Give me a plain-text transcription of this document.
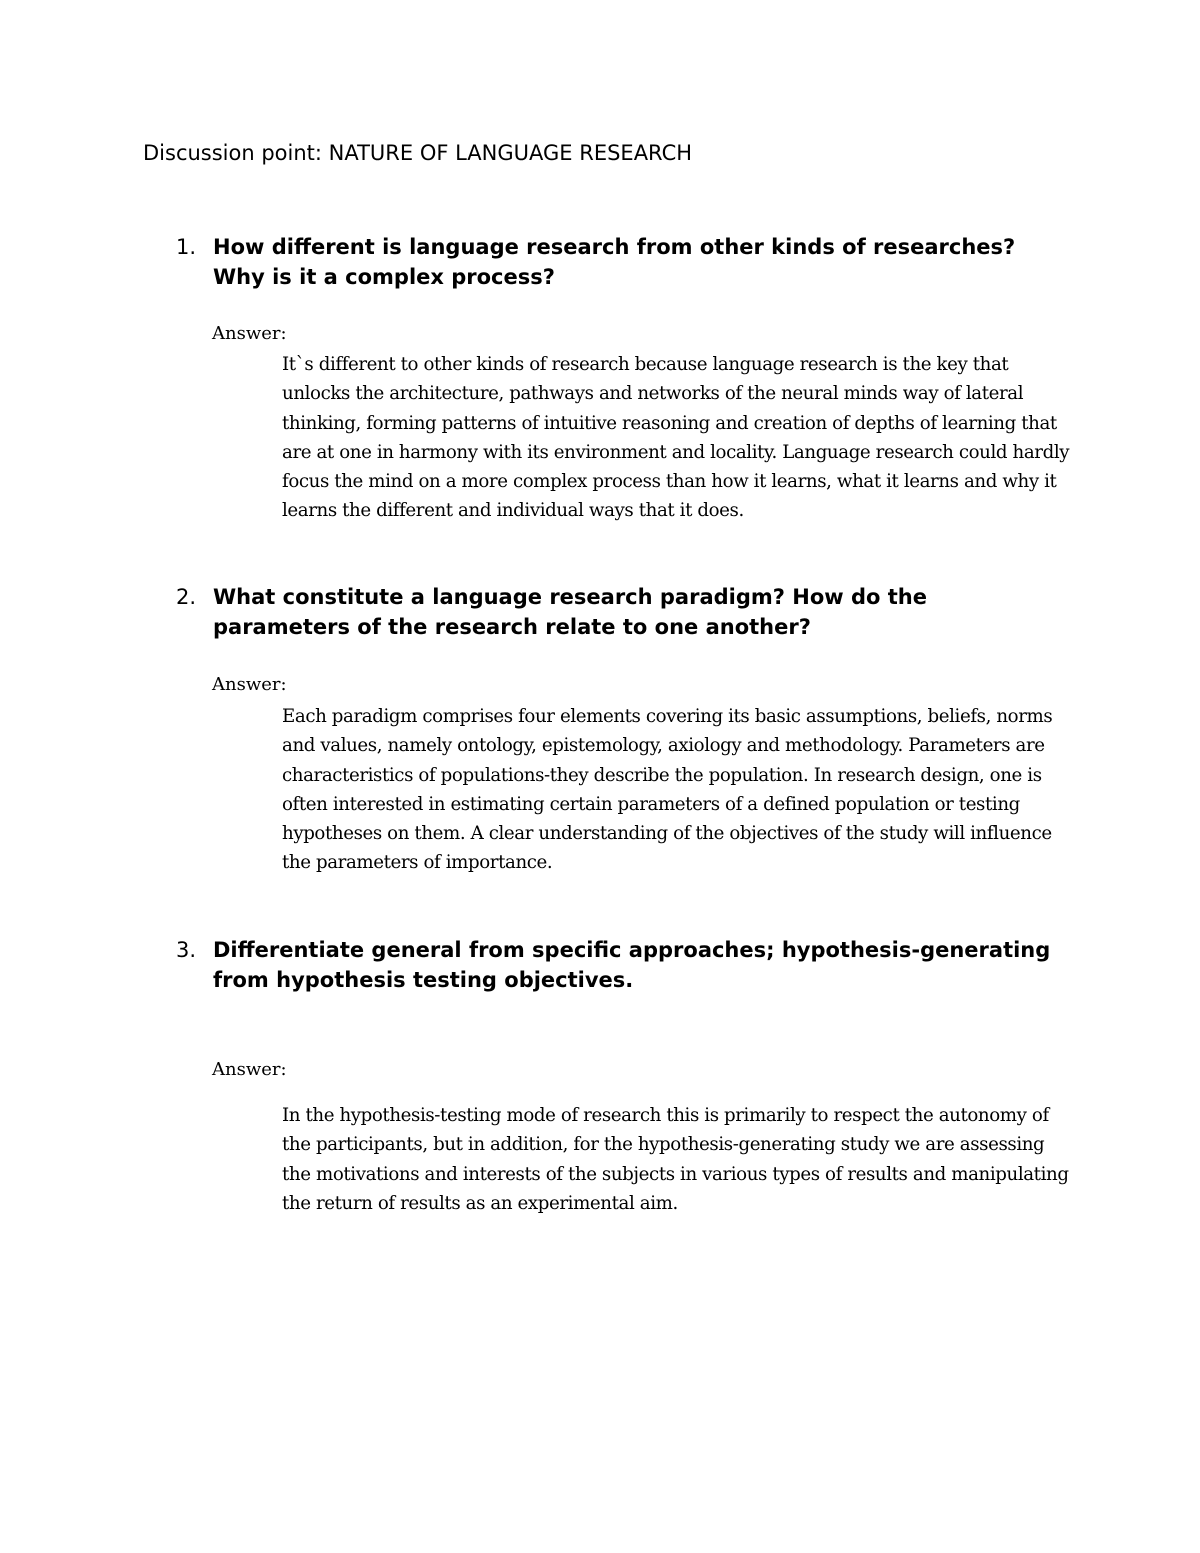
Discussion point: NATURE OF LANGUAGE RESEARCH
1. How different is language research from other kinds of researches? Why is it a complex process?

Answer:

It`s different to other kinds of research because language research is the key that unlocks the architecture, pathways and networks of the neural minds way of lateral thinking, forming patterns of intuitive reasoning and creation of depths of learning that are at one in harmony with its environment and locality. Language research could hardly focus the mind on a more complex process than how it learns, what it learns and why it learns the different and individual ways that it does.

2. What constitute a language research paradigm? How do the parameters of the research relate to one another?

Answer:

Each paradigm comprises four elements covering its basic assumptions, beliefs, norms and values, namely ontology, epistemology, axiology and methodology. Parameters are characteristics of populations-they describe the population. In research design, one is often interested in estimating certain parameters of a defined population or testing hypotheses on them. A clear understanding of the objectives of the study will influence the parameters of importance.

3. Differentiate general from specific approaches; hypothesis-generating from hypothesis testing objectives.

Answer:

In the hypothesis-testing mode of research this is primarily to respect the autonomy of the participants, but in addition, for the hypothesis-generating study we are assessing the motivations and interests of the subjects in various types of results and manipulating the return of results as an experimental aim.
